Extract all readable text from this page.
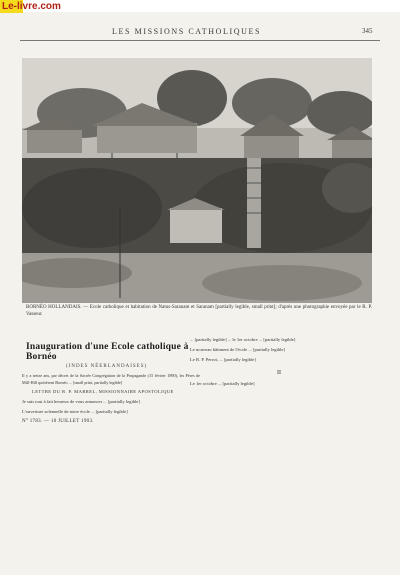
Le-livre.com
LES MISSIONS CATHOLIQUES	345
BORNÉO HOLLANDAIS. — Ecole catholique et habitation de Natus-Saranam et Saranam [partially legible, small print]; d'après une photographie envoyée par le R. P. Vasseur.
Inauguration d'une Ecole catholique à Bornéo
(INDES NÉERLANDAISES)
Il y a treize ans, par décret de la Sacrée Congrégation de la Propagande (15 février 1890), les Pères de Mill-Hill quittèrent Bornéo ... [small print, partially legible]
LETTRE DU R. P. MARREL, MISSIONNAIRE APOSTOLIQUE
Je suis tout à fait heureux de vous annoncer ... [partially legible]
L'ouverture solennelle de notre école ... [partially legible]
N° 1783. — 10 JUILLET 1903.
... [partially legible] ... le 1er octobre ... [partially legible]
Le nouveau bâtiment de l'école ... [partially legible]
Le R. P. Perrot, ... [partially legible]
II
Le 1er octobre ... [partially legible]
